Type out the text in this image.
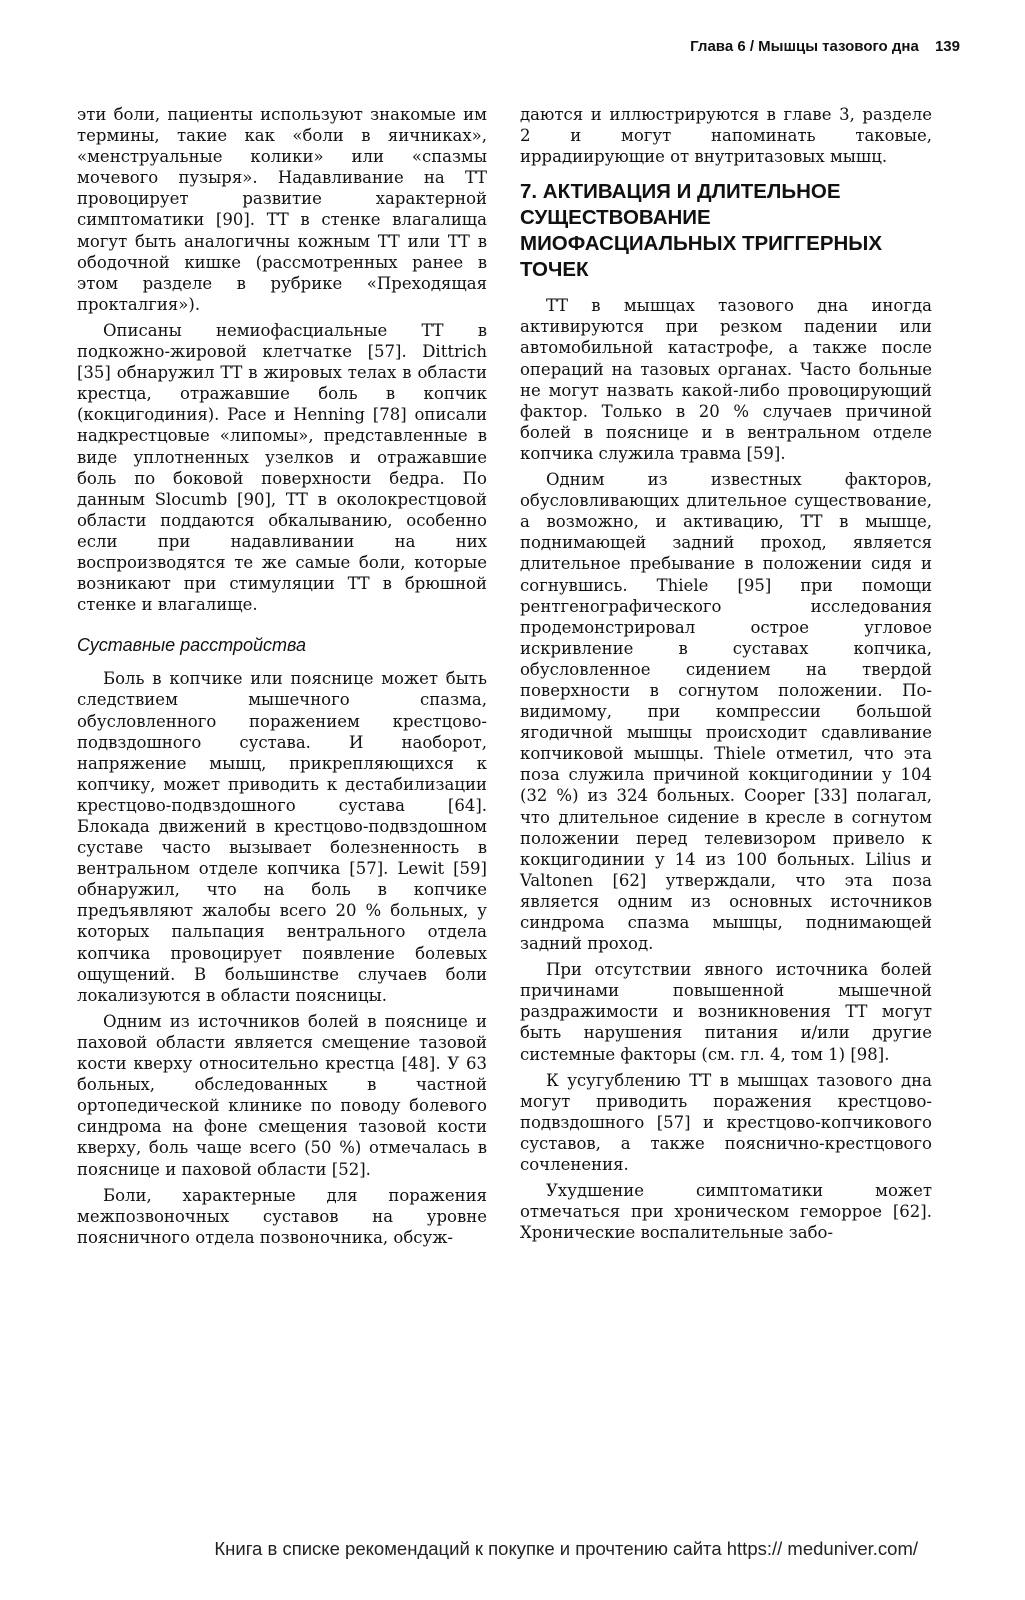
Глава 6 / Мышцы тазового дна 139

эти боли, пациенты используют знакомые им термины, такие как «боли в яичниках», «менструальные колики» или «спазмы мочевого пузыря». Надавливание на ТТ провоцирует развитие характерной симптоматики [90]. ТТ в стенке влагалища могут быть аналогичны кожным ТТ или ТТ в ободочной кишке (рассмотренных ранее в этом разделе в рубрике «Преходящая прокталгия»).

Описаны немиофасциальные ТТ в подкожно-жировой клетчатке [57]. Dittrich [35] обнаружил ТТ в жировых телах в области крестца, отражавшие боль в копчик (кокцигодиния). Pace и Henning [78] описали надкрестцовые «липомы», представленные в виде уплотненных узелков и отражавшие боль по боковой поверхности бедра. По данным Slocumb [90], ТТ в околокрестцовой области поддаются обкалыванию, особенно если при надавливании на них воспроизводятся те же самые боли, которые возникают при стимуляции ТТ в брюшной стенке и влагалище.

Суставные расстройства

Боль в копчике или пояснице может быть следствием мышечного спазма, обусловленного поражением крестцово-подвздошного сустава. И наоборот, напряжение мышц, прикрепляющихся к копчику, может приводить к дестабилизации крестцово-подвздошного сустава [64]. Блокада движений в крестцово-подвздошном суставе часто вызывает болезненность в вентральном отделе копчика [57]. Lewit [59] обнаружил, что на боль в копчике предъявляют жалобы всего 20 % больных, у которых пальпация вентрального отдела копчика провоцирует появление болевых ощущений. В большинстве случаев боли локализуются в области поясницы.

Одним из источников болей в пояснице и паховой области является смещение тазовой кости кверху относительно крестца [48]. У 63 больных, обследованных в частной ортопедической клинике по поводу болевого синдрома на фоне смещения тазовой кости кверху, боль чаще всего (50 %) отмечалась в пояснице и паховой области [52].

Боли, характерные для поражения межпозвоночных суставов на уровне поясничного отдела позвоночника, обсуж-

даются и иллюстрируются в главе 3, разделе 2 и могут напоминать таковые, иррадиирующие от внутритазовых мышц.

7. АКТИВАЦИЯ И ДЛИТЕЛЬНОЕ СУЩЕСТВОВАНИЕ МИОФАСЦИАЛЬНЫХ ТРИГГЕРНЫХ ТОЧЕК

ТТ в мышцах тазового дна иногда активируются при резком падении или автомобильной катастрофе, а также после операций на тазовых органах. Часто больные не могут назвать какой-либо провоцирующий фактор. Только в 20 % случаев причиной болей в пояснице и в вентральном отделе копчика служила травма [59].

Одним из известных факторов, обусловливающих длительное существование, а возможно, и активацию, ТТ в мышце, поднимающей задний проход, является длительное пребывание в положении сидя и согнувшись. Thiele [95] при помощи рентгенографического исследования продемонстрировал острое угловое искривление в суставах копчика, обусловленное сидением на твердой поверхности в согнутом положении. По-видимому, при компрессии большой ягодичной мышцы происходит сдавливание копчиковой мышцы. Thiele отметил, что эта поза служила причиной кокцигодинии у 104 (32 %) из 324 больных. Cooper [33] полагал, что длительное сидение в кресле в согнутом положении перед телевизором привело к кокцигодинии у 14 из 100 больных. Lilius и Valtonen [62] утверждали, что эта поза является одним из основных источников синдрома спазма мышцы, поднимающей задний проход.

При отсутствии явного источника болей причинами повышенной мышечной раздражимости и возникновения ТТ могут быть нарушения питания и/или другие системные факторы (см. гл. 4, том 1) [98].

К усугублению ТТ в мышцах тазового дна могут приводить поражения крестцово-подвздошного [57] и крестцово-копчикового суставов, а также пояснично-крестцового сочленения.

Ухудшение симптоматики может отмечаться при хроническом геморрое [62]. Хронические воспалительные забо-

Книга в списке рекомендаций к покупке и прочтению сайта https:// meduniver.com/
